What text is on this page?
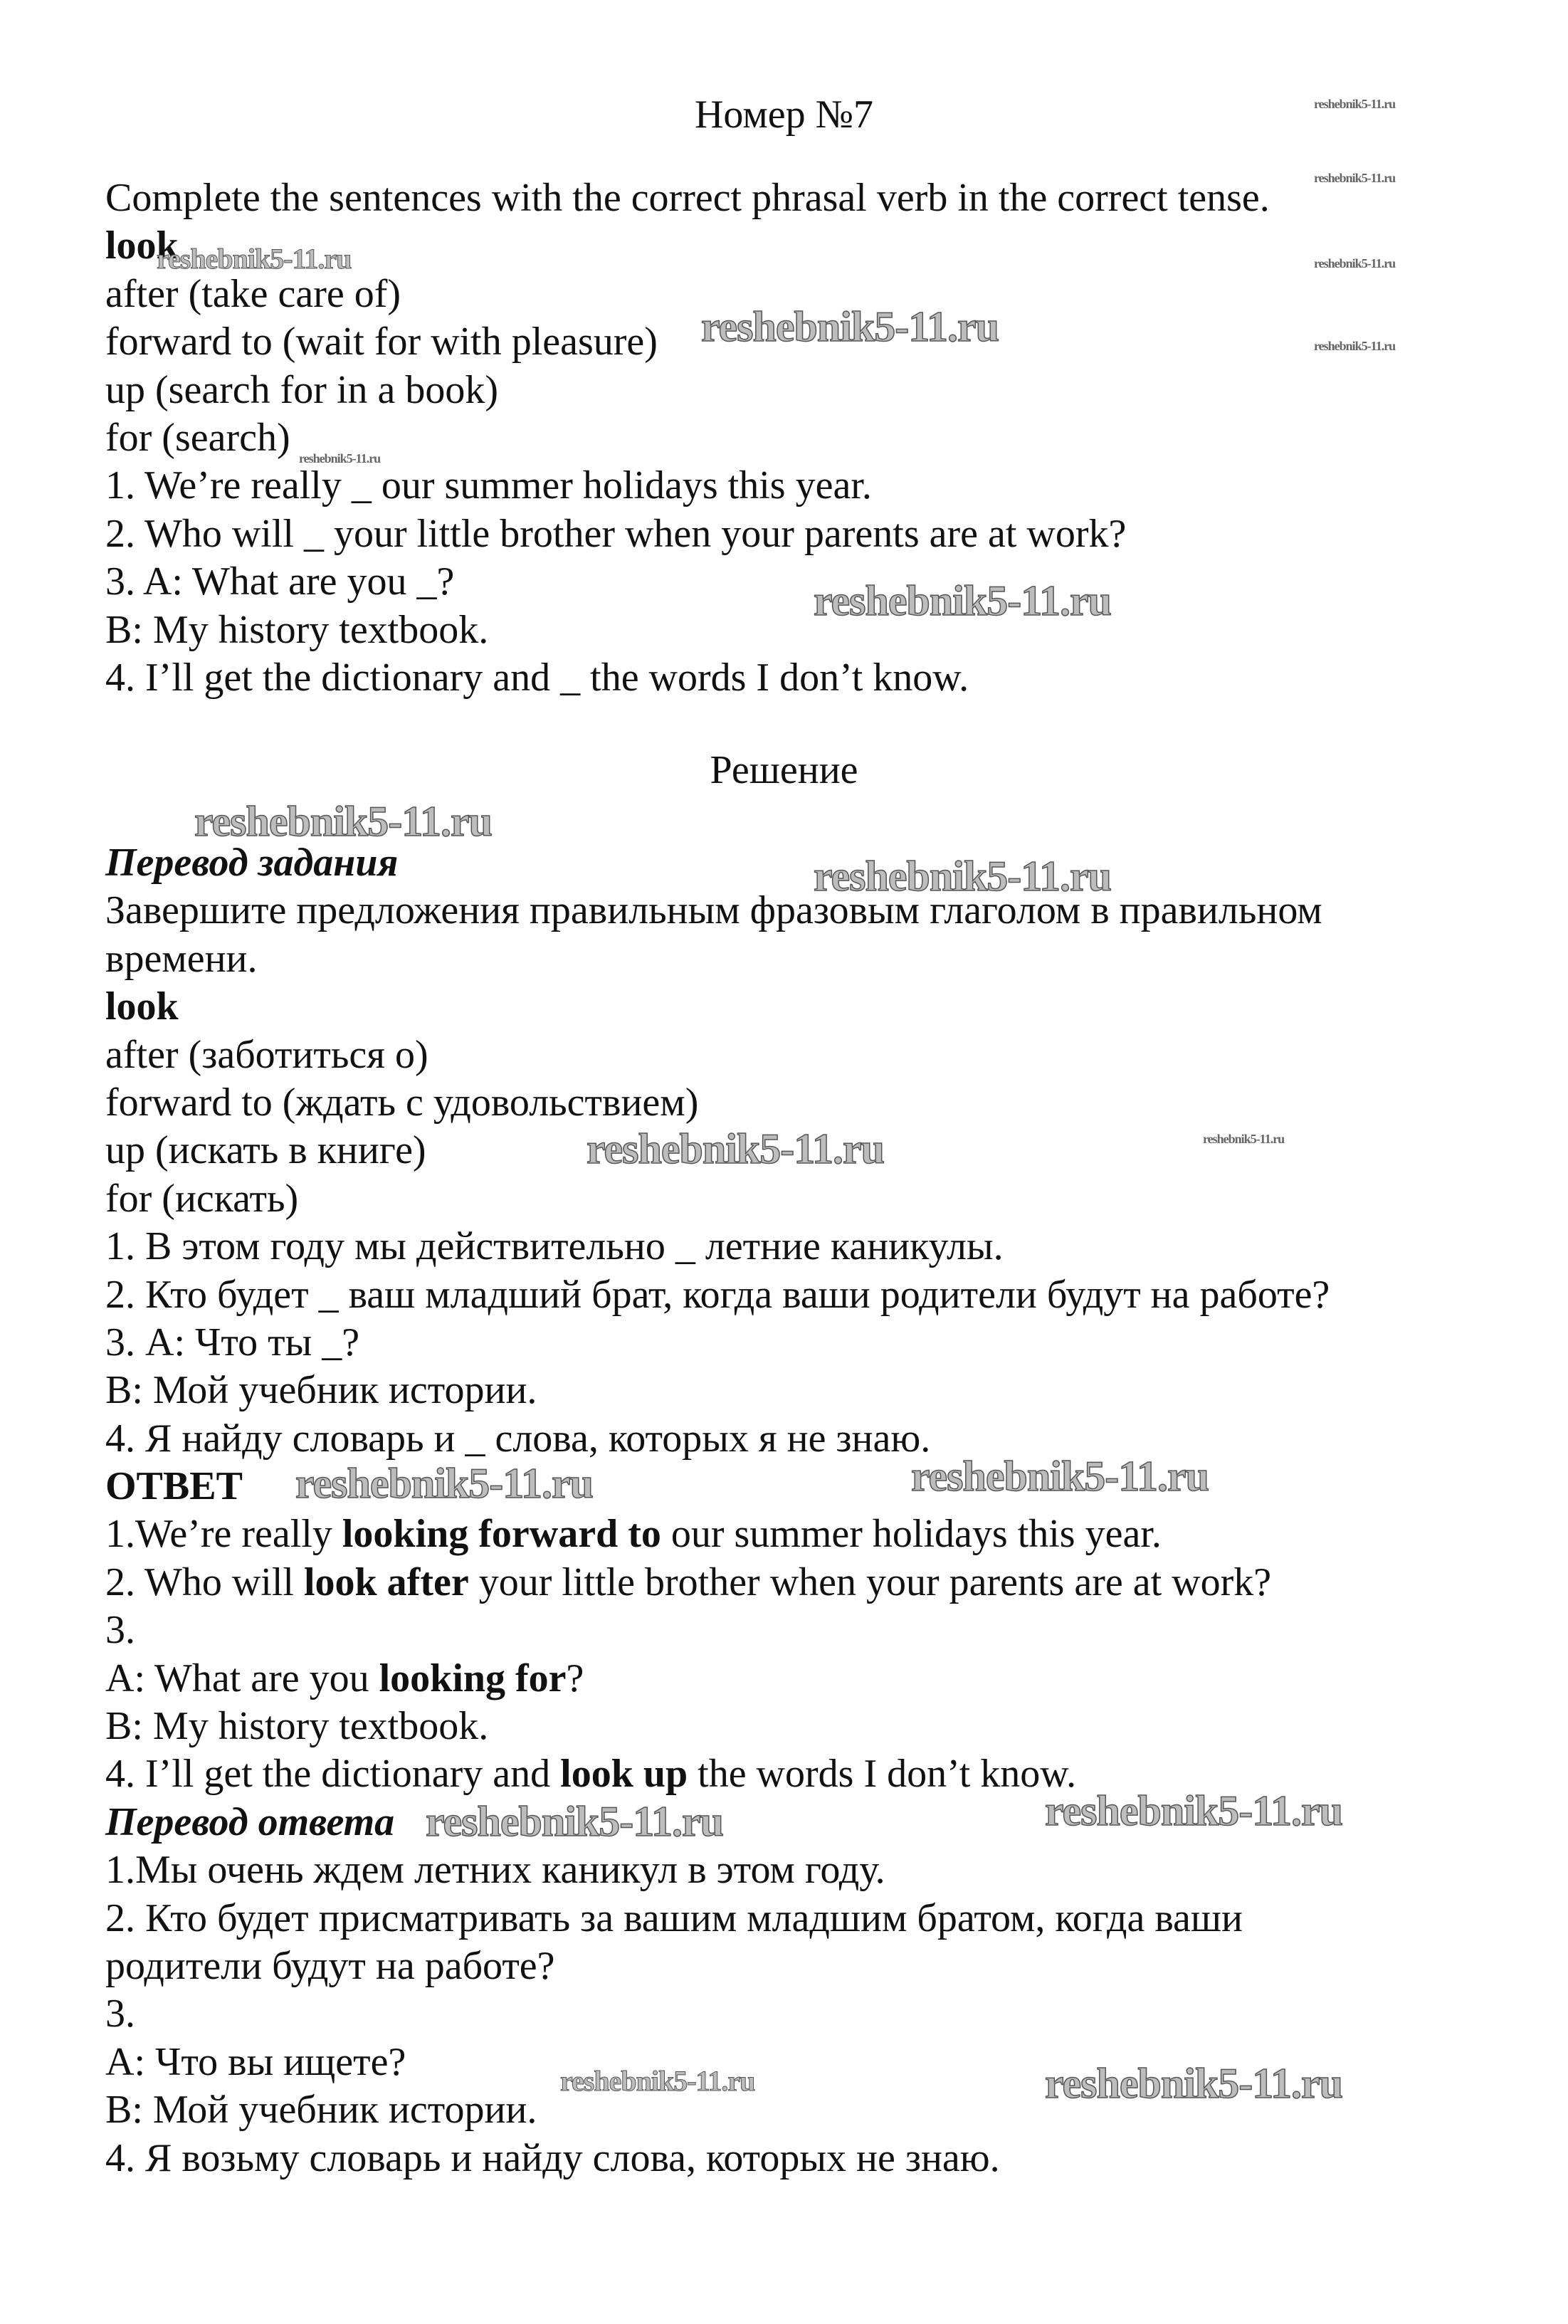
Номер №7
Complete the sentences with the correct phrasal verb in the correct tense.
look
after (take care of)
forward to (wait for with pleasure)
up (search for in a book)
for (search)
1. We’re really _ our summer holidays this year.
2. Who will _ your little brother when your parents are at work?
3. A: What are you _?
B: My history textbook.
4. I’ll get the dictionary and _ the words I don’t know.
Решение
Перевод задания
Завершите предложения правильным фразовым глаголом в правильном
времени.
look
after (заботиться о)
forward to (ждать с удовольствием)
up (искать в книге)
for (искать)
1. В этом году мы действительно _ летние каникулы.
2. Кто будет _ ваш младший брат, когда ваши родители будут на работе?
3. А: Что ты _?
В: Мой учебник истории.
4. Я найду словарь и _ слова, которых я не знаю.
ОТВЕТ
1.We’re really looking forward to our summer holidays this year.
2. Who will look after your little brother when your parents are at work?
3.
A: What are you looking for?
B: My history textbook.
4. I’ll get the dictionary and look up the words I don’t know.
Перевод ответа
1.Мы очень ждем летних каникул в этом году.
2. Кто будет присматривать за вашим младшим братом, когда ваши
родители будут на работе?
3.
А: Что вы ищете?
В: Мой учебник истории.
4. Я возьму словарь и найду слова, которых не знаю.
reshebnik5-11.ru
reshebnik5-11.ru
reshebnik5-11.ru
reshebnik5-11.ru
reshebnik5-11.ru
reshebnik5-11.ru	reshebnik5-11.ru
reshebnik5-11.ru	reshebnik5-11.ru
reshebnik5-11.ru
reshebnik5-11.ru
reshebnik5-11.ru
reshebnik5-11.ru
reshebnik5-11.ru
reshebnik5-11.ru
reshebnik5-11.ru
reshebnik5-11.ru
reshebnik5-11.ru
